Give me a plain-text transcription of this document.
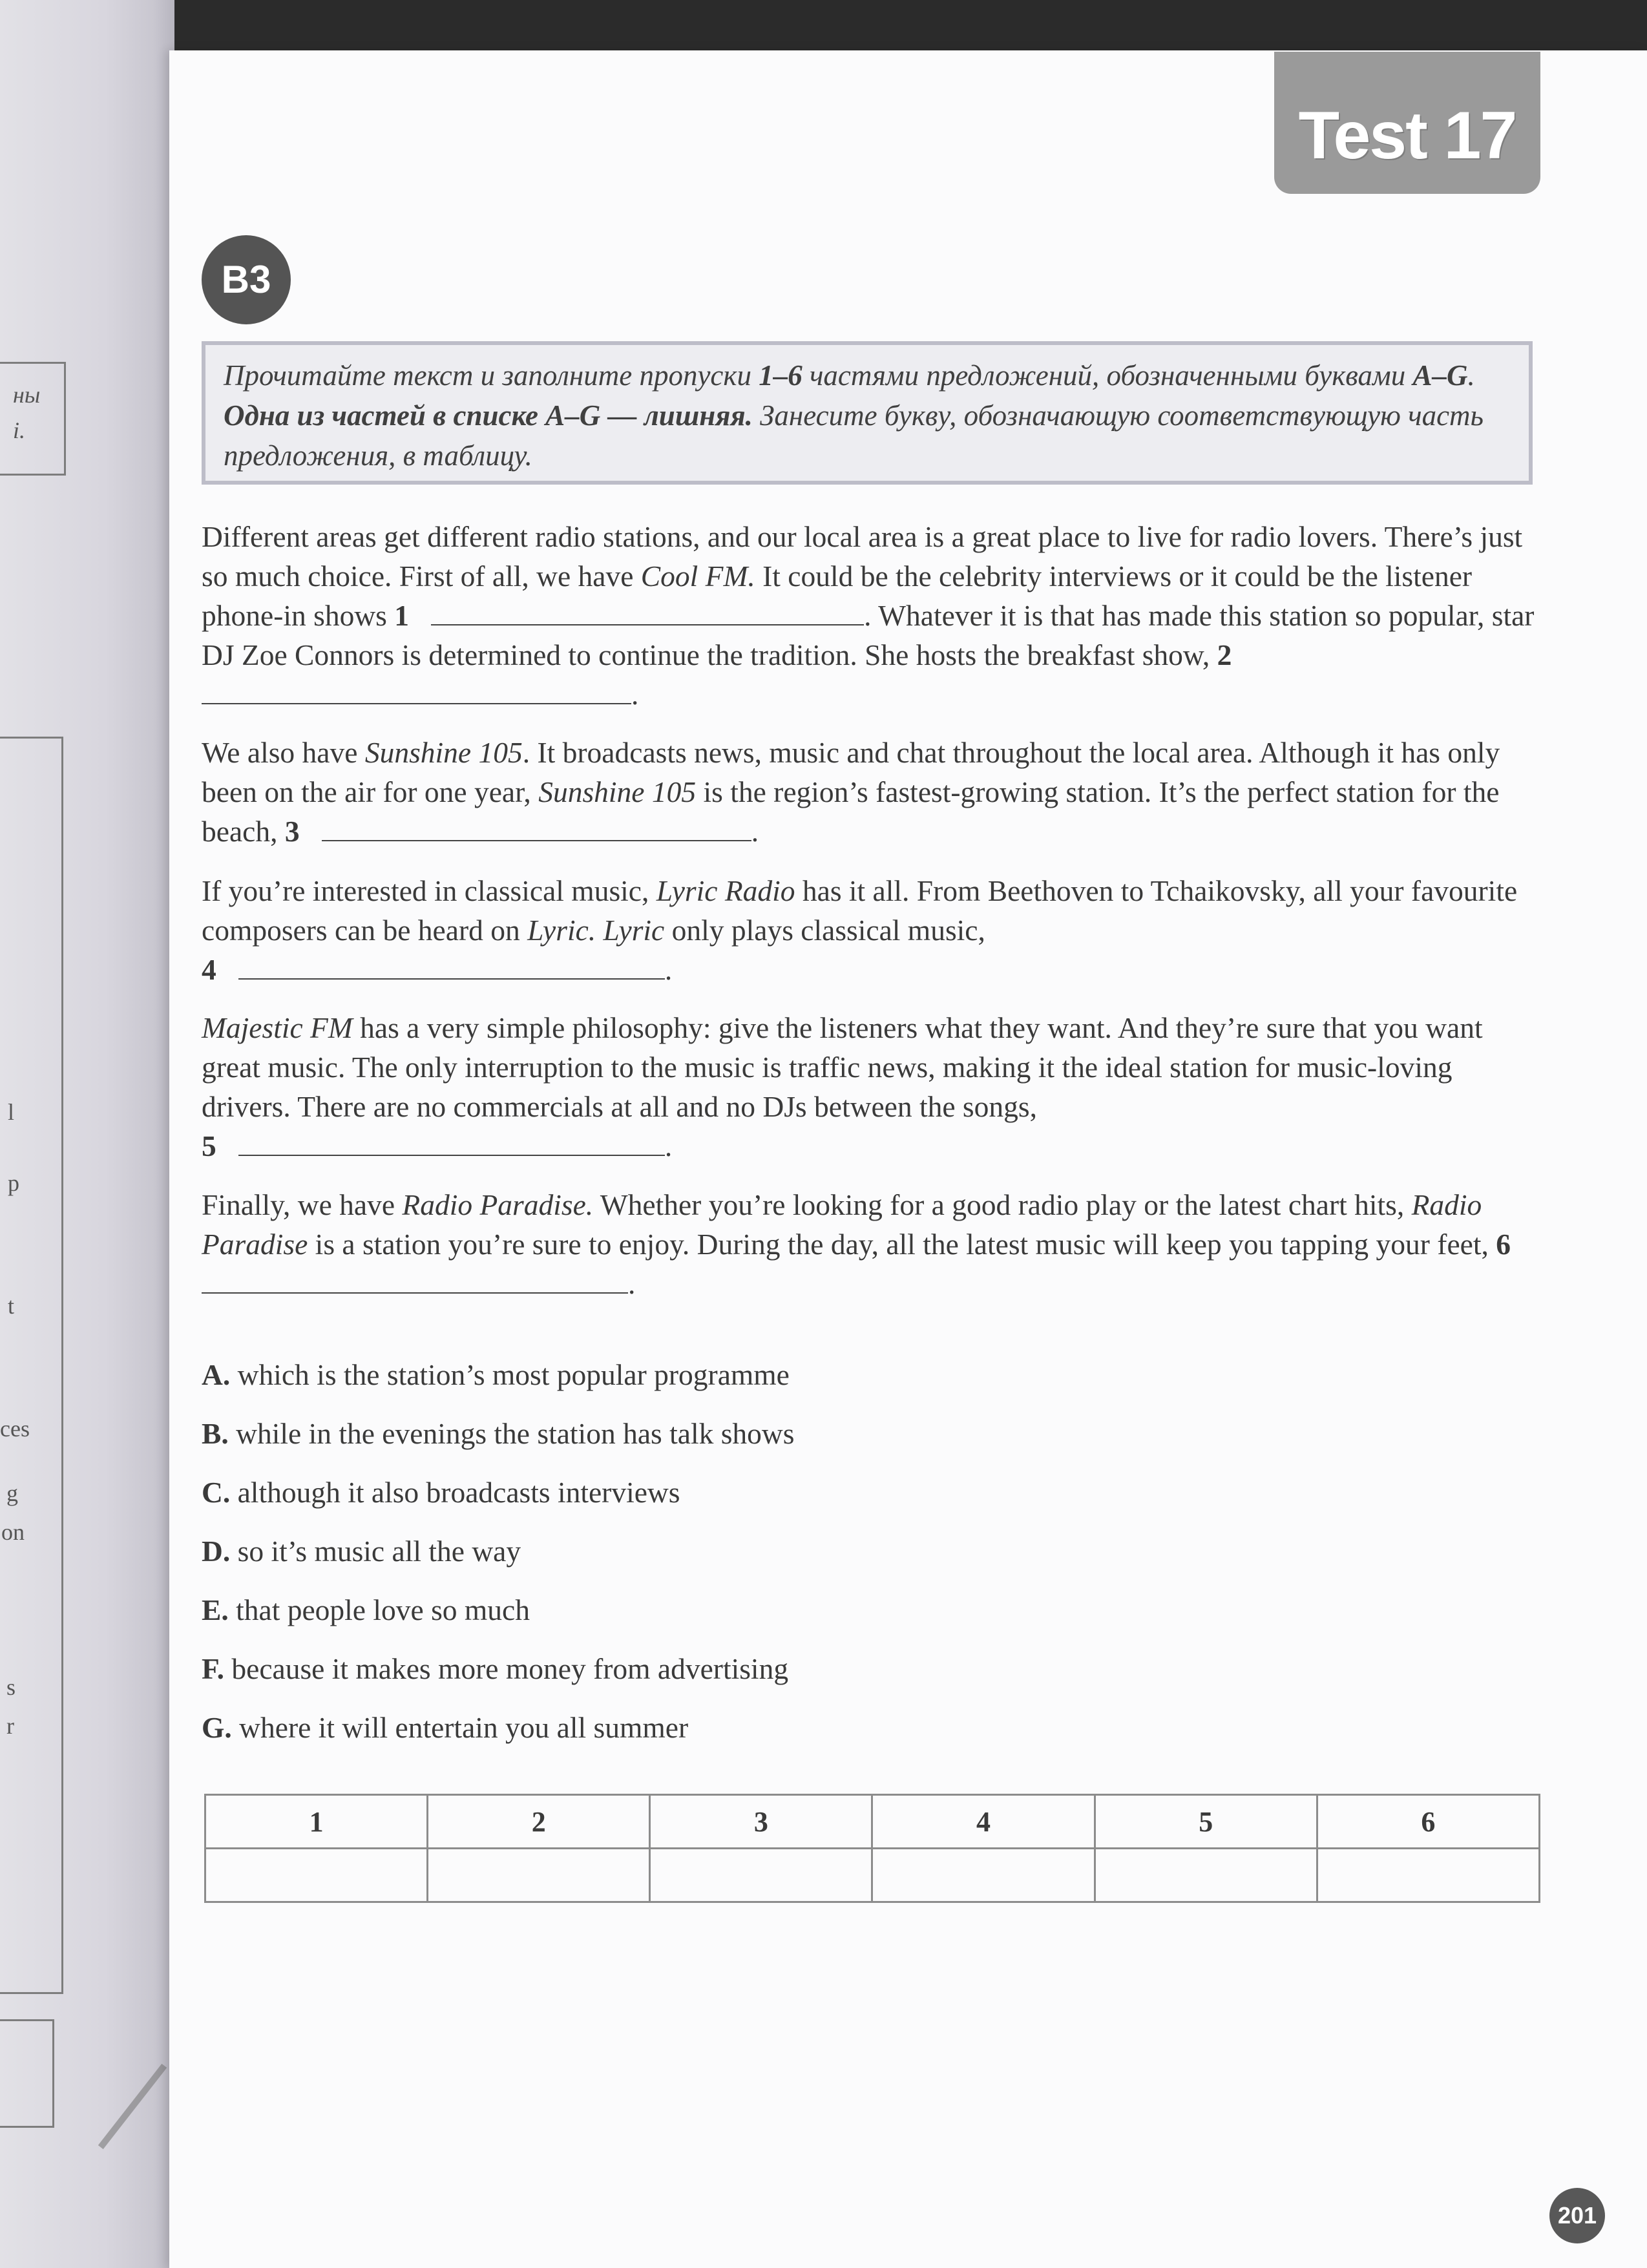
ны
і.
l
p
t
ces
g
on
s
r
Test 17
B3
Прочитайте текст и заполните пропуски 1–6 частями предложений, обозначенными буквами A–G. Одна из частей в списке A–G — лишняя. Занесите букву, обозначающую соответствующую часть предложения, в таблицу.

Different areas get different radio stations, and our local area is a great place to live for radio lovers. There’s just so much choice. First of all, we have Cool FM. It could be the celebrity interviews or it could be the listener phone-in shows 1	. Whatever it is that has made this station so popular, star DJ Zoe Connors is determined to continue the tradition. She hosts the breakfast show, 2   .

We also have Sunshine 105. It broadcasts news, music and chat throughout the local area. Although it has only been on the air for one year, Sunshine 105 is the region’s fastest-growing station. It’s the perfect station for the beach, 3	.

If you’re interested in classical music, Lyric Radio has it all. From Beethoven to Tchaikovsky, all your favourite composers can be heard on Lyric. Lyric only plays classical music,
4	.

Majestic FM has a very simple philosophy: give the listeners what they want. And they’re sure that you want great music. The only interruption to the music is traffic news, making it the ideal station for music-loving drivers. There are no commercials at all and no DJs between the songs,
5	.

Finally, we have Radio Paradise. Whether you’re looking for a good radio play or the latest chart hits, Radio Paradise is a station you’re sure to enjoy. During the day, all the latest music will keep you tapping your feet, 6   .

A. which is the station’s most popular programme
B. while in the evenings the station has talk shows
C. although it also broadcasts interviews
D. so it’s music all the way
E. that people love so much
F. because it makes more money from advertising
G. where it will entertain you all summer
1	2	3	4	5	6

201
